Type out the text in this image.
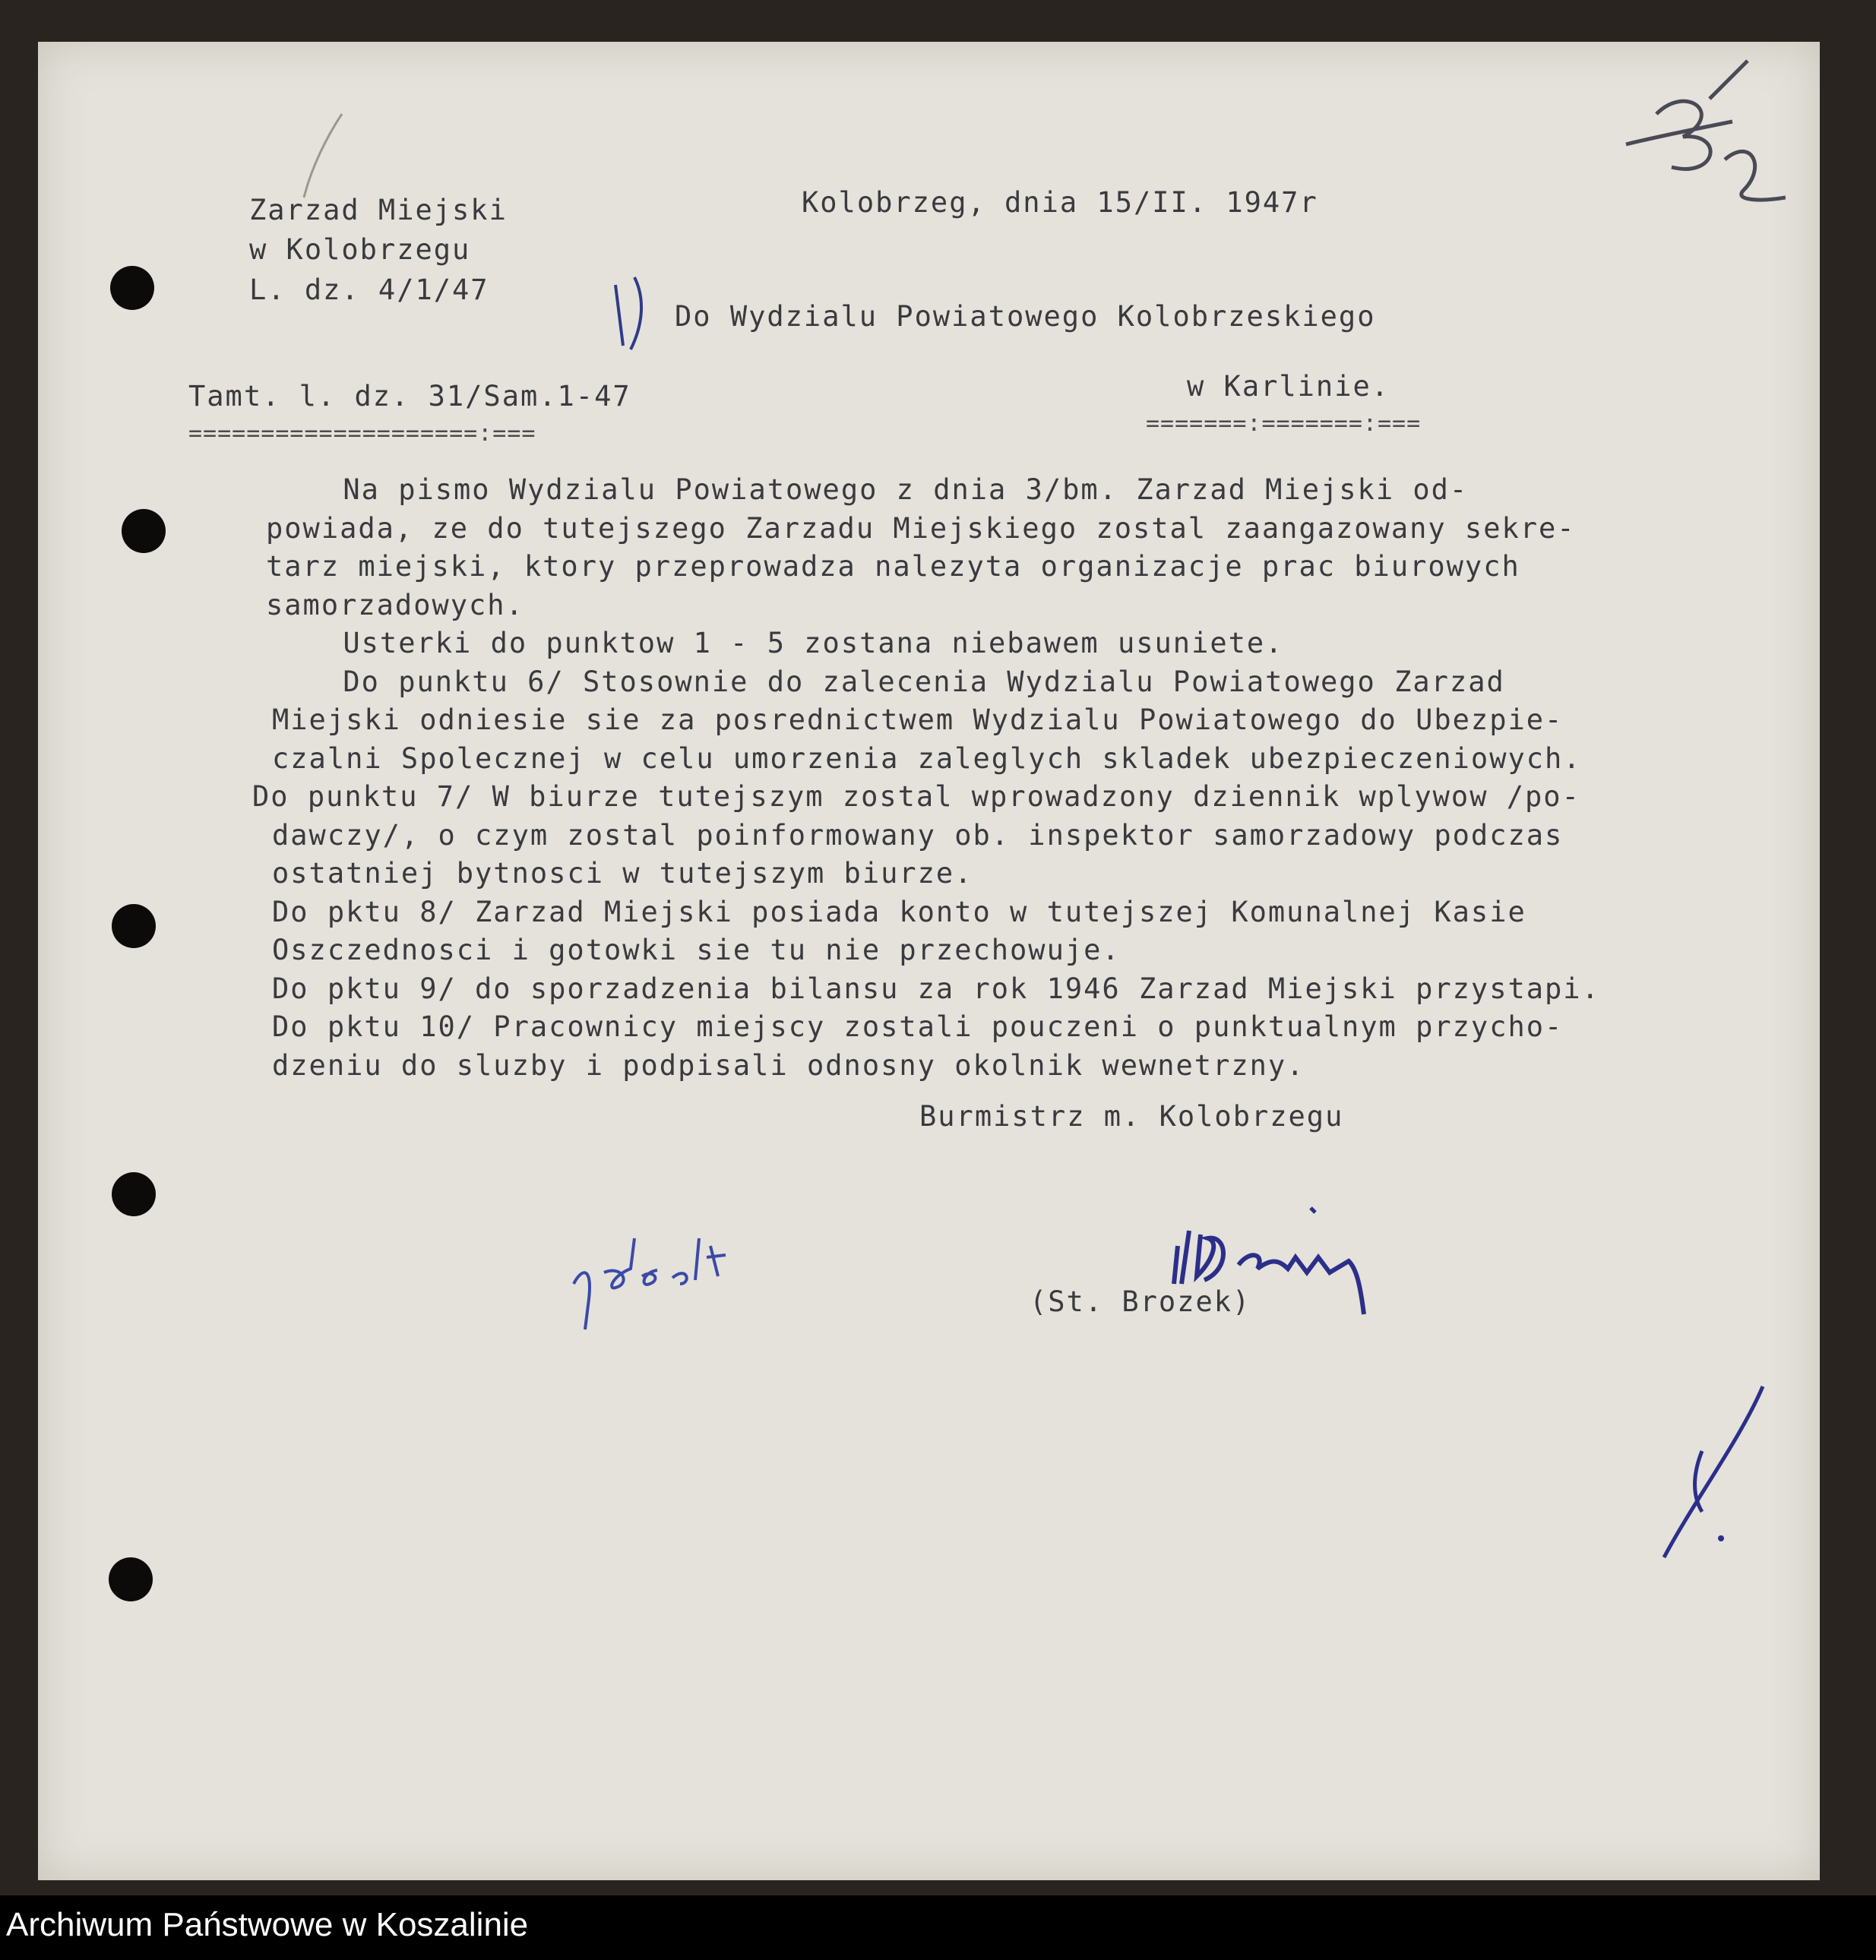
Zarzad Miejski
w Kolobrzegu
L. dz. 4/1/47
Kolobrzeg, dnia 15/II. 1947r
Do Wydzialu Powiatowego Kolobrzeskiego
w Karlinie.
=======:=======:===
Tamt. l. dz. 31/Sam.1-47
====================:===
Na pismo Wydzialu Powiatowego z dnia 3/bm. Zarzad Miejski od-
powiada, ze do tutejszego Zarzadu Miejskiego zostal zaangazowany sekre-
tarz miejski, ktory przeprowadza nalezyta organizacje prac biurowych
samorzadowych.
Usterki do punktow 1 - 5 zostana niebawem usuniete.
Do punktu 6/ Stosownie do zalecenia Wydzialu Powiatowego Zarzad
Miejski odniesie sie za posrednictwem Wydzialu Powiatowego do Ubezpie-
czalni Spolecznej w celu umorzenia zaleglych skladek ubezpieczeniowych.
Do punktu 7/ W biurze tutejszym zostal wprowadzony dziennik wplywow /po-
dawczy/, o czym zostal poinformowany ob. inspektor samorzadowy podczas
ostatniej bytnosci w tutejszym biurze.
Do pktu 8/ Zarzad Miejski posiada konto w tutejszej Komunalnej Kasie
Oszczednosci i gotowki sie tu nie przechowuje.
Do pktu 9/ do sporzadzenia bilansu za rok 1946 Zarzad Miejski przystapi.
Do pktu 10/ Pracownicy miejscy zostali pouczeni o punktualnym przycho-
dzeniu do sluzby i podpisali odnosny okolnik wewnetrzny.
Burmistrz m. Kolobrzegu
(St. Brozek)
Archiwum Państwowe w Koszalinie
